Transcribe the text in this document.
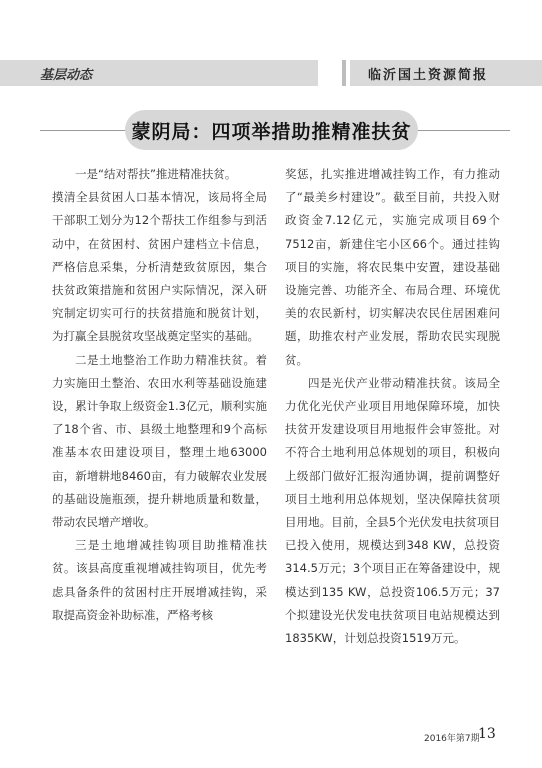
基层动态	临沂国土资源简报
蒙阴局：四项举措助推精准扶贫

一是“结对帮扶”推进精准扶贫。

摸清全县贫困人口基本情况，该局将全局干部职工划分为12个帮扶工作组参与到活动中，在贫困村、贫困户建档立卡信息，严格信息采集，分析清楚致贫原因，集合扶贫政策措施和贫困户实际情况，深入研究制定切实可行的扶贫措施和脱贫计划，为打赢全县脱贫攻坚战奠定坚实的基础。

二是土地整治工作助力精准扶贫。着力实施田土整治、农田水利等基础设施建设，累计争取上级资金1.3亿元，顺利实施了18个省、市、县级土地整理和9个高标准基本农田建设项目，整理土地63000亩，新增耕地8460亩，有力破解农业发展的基础设施瓶颈，提升耕地质量和数量，带动农民增产增收。

三是土地增减挂钩项目助推精准扶贫。该县高度重视增减挂钩项目，优先考虑具备条件的贫困村庄开展增减挂钩，采取提高资金补助标准，严格考核

奖惩，扎实推进增减挂钩工作，有力推动了“最美乡村建设”。截至目前，共投入财政资金7.12亿元，实施完成项目69个7512亩，新建住宅小区66个。通过挂钩项目的实施，将农民集中安置，建设基础设施完善、功能齐全、布局合理、环境优美的农民新村，切实解决农民住居困难问题，助推农村产业发展，帮助农民实现脱贫。

四是光伏产业带动精准扶贫。该局全力优化光伏产业项目用地保障环境，加快扶贫开发建设项目用地报件会审签批。对不符合土地利用总体规划的项目，积极向上级部门做好汇报沟通协调，提前调整好项目土地利用总体规划，坚决保障扶贫项目用地。目前，全县5个光伏发电扶贫项目已投入使用，规模达到348 KW，总投资314.5万元；3个项目正在筹备建设中，规模达到135 KW，总投资106.5万元；37个拟建设光伏发电扶贫项目电站规模达到1835KW，计划总投资1519万元。

2016年第7期
13
